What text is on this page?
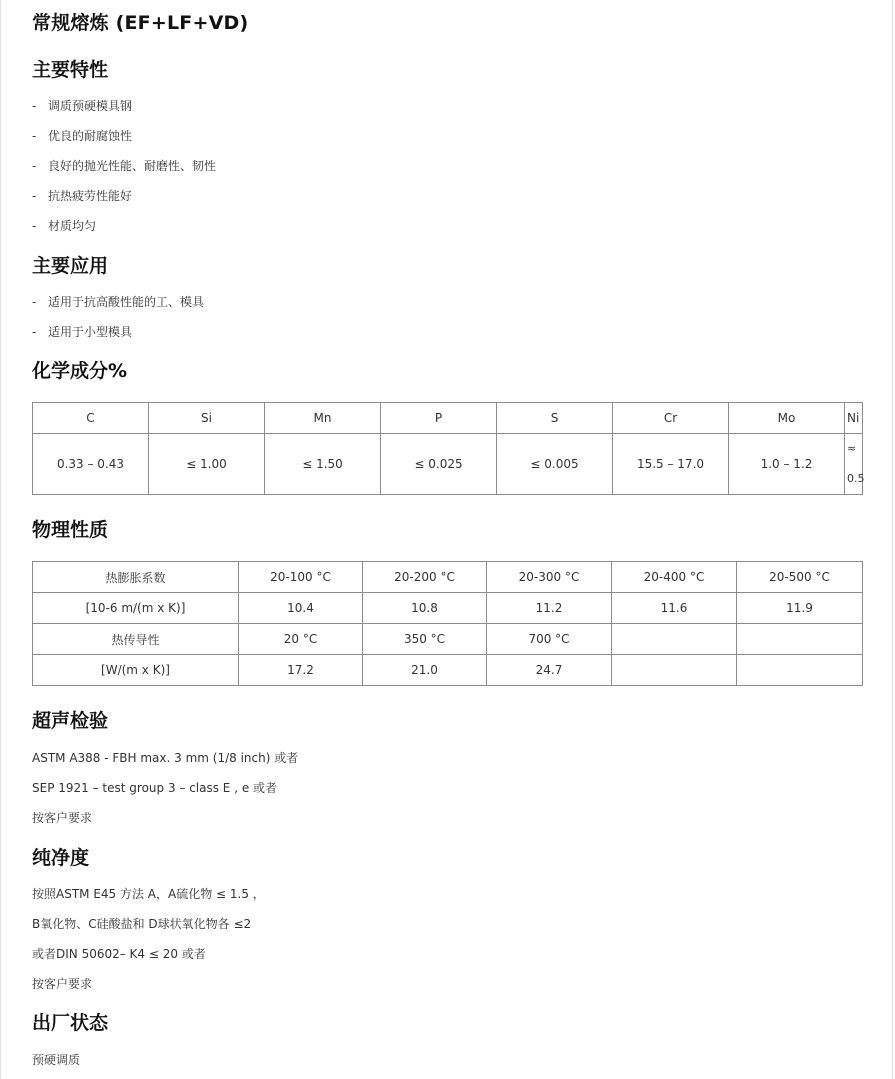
常规熔炼 (EF+LF+VD)
主要特性
- 调质预硬模具钢
- 优良的耐腐蚀性
- 良好的抛光性能、耐磨性、韧性
- 抗热疲劳性能好
- 材质均匀
主要应用
- 适用于抗高酸性能的工、模具
- 适用于小型模具
化学成分%
C	Si	Mn	P	S	Cr	Mo	Ni
0.33 – 0.43	≤ 1.00	≤ 1.50	≤ 0.025	≤ 0.005	15.5 – 17.0	1.0 – 1.2	≈ 0.5
物理性质
热膨胀系数	20-100 °C	20-200 °C	20-300 °C	20-400 °C	20-500 °C
[10-6 m/(m x K)]	10.4	10.8	11.2	11.6	11.9
热传导性	20 °C	350 °C	700 °C		
[W/(m x K)]	17.2	21.0	24.7		
超声检验
ASTM A388 - FBH max. 3 mm (1/8 inch) 或者
SEP 1921 – test group 3 – class E , e 或者
按客户要求
纯净度
按照ASTM E45 方法 A，A硫化物 ≤ 1.5 ，
B氧化物、C硅酸盐和 D球状氧化物各 ≤2
或者DIN 50602– K4 ≤ 20 或者
按客户要求
出厂状态
预硬调质
